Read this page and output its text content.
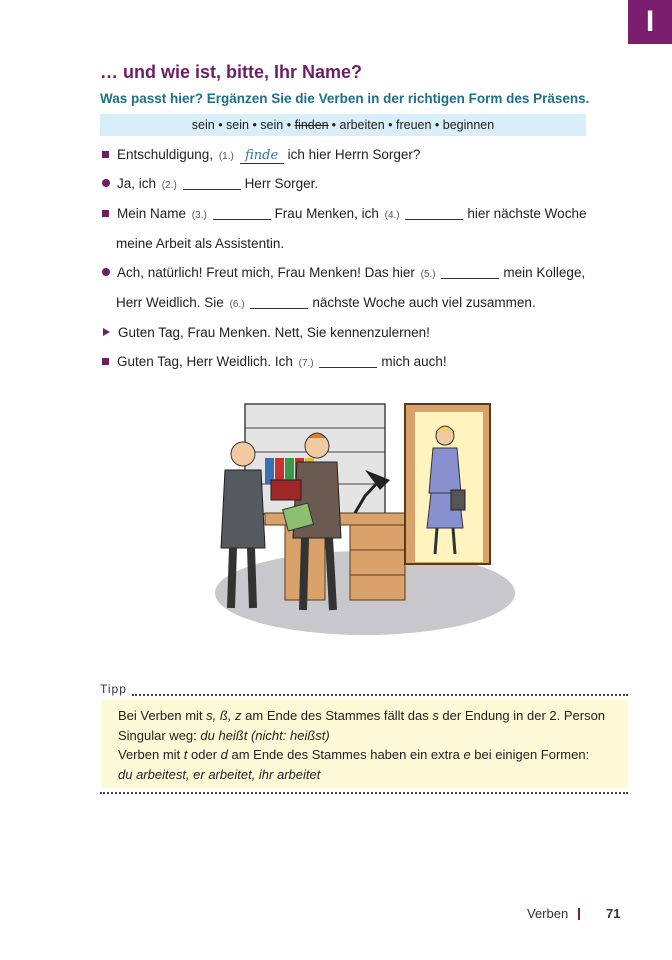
I
… und wie ist, bitte, Ihr Name?
Was passt hier? Ergänzen Sie die Verben in der richtigen Form des Präsens.
sein • sein • sein •
finden • arbeiten • freuen • beginnen
Entschuldigung, (1.) finde ich hier Herrn Sorger?
Ja, ich (2.)	Herr Sorger.
Mein Name (3.)	Frau Menken, ich (4.)	hier nächste Woche
meine Arbeit als Assistentin.
Ach, natürlich! Freut mich, Frau Menken! Das hier (5.)	mein Kollege,
Herr Weidlich. Sie (6.)	nächste Woche auch viel zusammen.
Guten Tag, Frau Menken. Nett, Sie kennenzulernen!
Guten Tag, Herr Weidlich. Ich (7.)	mich auch!
Tipp
Bei Verben mit s, ß, z am Ende des Stammes fällt das s der Endung in der 2. Person
Singular weg: du heißt (nicht: heißst)
Verben mit t oder d am Ende des Stammes haben ein extra e bei einigen Formen:
du arbeitest, er arbeitet, ihr arbeitet
Verben	71
